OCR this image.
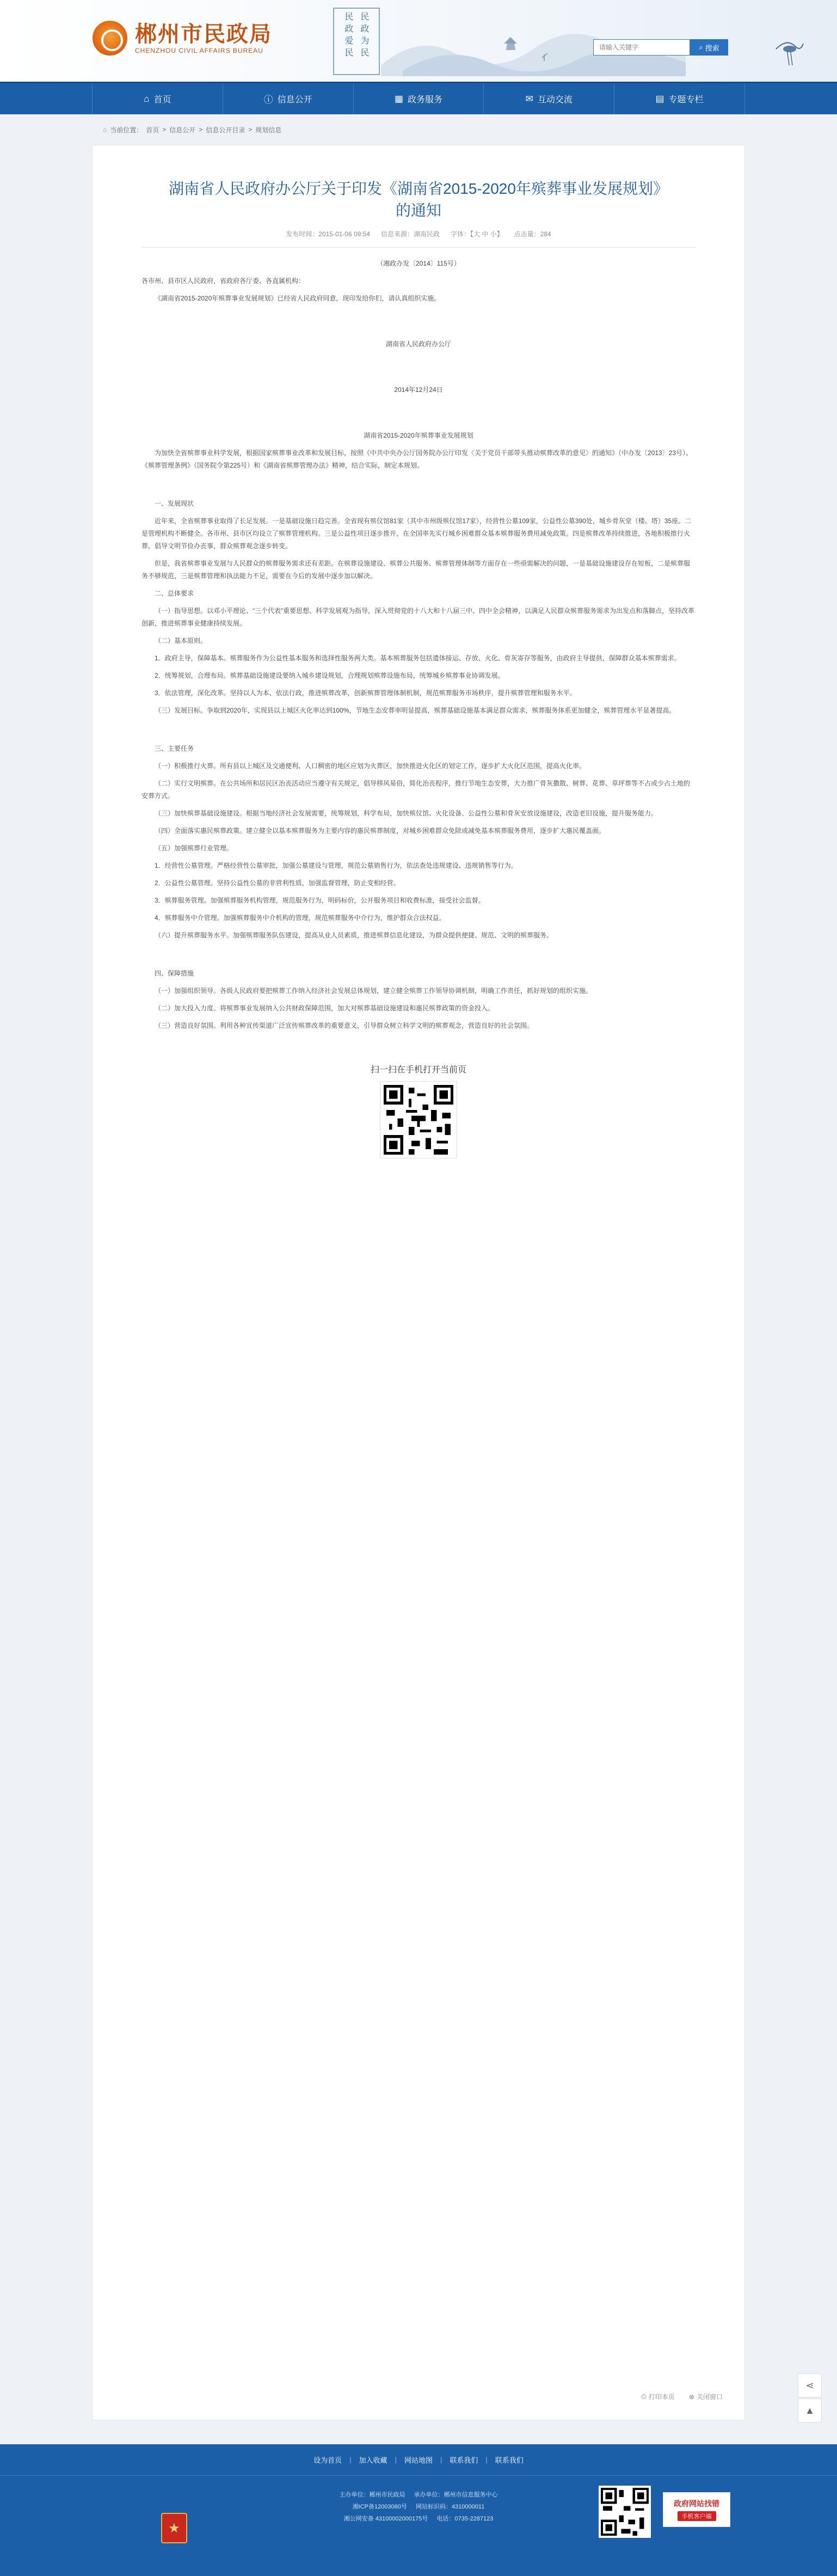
郴州市民政局
CHENZHOU CIVIL AFFAIRS BUREAU	民政为民
民政爱民
请输入关键字	⌕ 搜索
⌂ 首页	ⓘ 信息公开	▦ 政务服务	✉ 互动交流	▤ 专题专栏
⌂ 当前位置： 首页 > 信息公开 > 信息公开目录 > 规划信息
湖南省人民政府办公厅关于印发《湖南省2015-2020年殡葬事业发展规划》
的通知
发布时间：2015-01-06 09:54 信息来源：湖南民政 字体：【大 中 小】 点击量：284

（湘政办发〔2014〕115号）

各市州、县市区人民政府，省政府各厅委、各直属机构：

《湖南省2015-2020年殡葬事业发展规划》已经省人民政府同意，现印发给你们，请认真组织实施。

湖南省人民政府办公厅

2014年12月24日

湖南省2015-2020年殡葬事业发展规划

为加快全省殡葬事业科学发展，根据国家殡葬事业改革和发展目标，按照《中共中央办公厅国务院办公厅印发〈关于党员干部带头推动殡葬改革的意见〉的通知》（中办发〔2013〕23号）、《殡葬管理条例》（国务院令第225号）和《湖南省殡葬管理办法》精神，结合实际，制定本规划。

一、发展现状

近年来，全省殡葬事业取得了长足发展。一是基础设施日趋完善。全省现有殡仪馆81家（其中市州级殡仪馆17家），经营性公墓109家，公益性公墓390处，城乡骨灰堂（楼、塔）35座。二是管理机构不断健全。各市州、县市区均设立了殡葬管理机构。三是公益性项目逐步推开，在全国率先实行城乡困难群众基本殡葬服务费用减免政策。四是殡葬改革持续推进，各地积极推行火葬，倡导文明节俭办丧事，群众殡葬观念逐步转变。

但是，我省殡葬事业发展与人民群众的殡葬服务需求还有差距。在殡葬设施建设、殡葬公共服务、殡葬管理体制等方面存在一些亟需解决的问题，一是基础设施建设存在短板，二是殡葬服务不够规范，三是殡葬管理和执法能力不足，需要在今后的发展中逐步加以解决。

二、总体要求

（一）指导思想。以邓小平理论、“三个代表”重要思想、科学发展观为指导，深入贯彻党的十八大和十八届三中、四中全会精神，以满足人民群众殡葬服务需求为出发点和落脚点，坚持改革创新，推进殡葬事业健康持续发展。

（二）基本原则。

1．政府主导，保障基本。殡葬服务作为公益性基本服务和选择性服务两大类。基本殡葬服务包括遗体接运、存放、火化、骨灰寄存等服务，由政府主导提供，保障群众基本殡葬需求。

2．统筹规划，合理布局。殡葬基础设施建设要纳入城乡建设规划，合理规划殡葬设施布局，统筹城乡殡葬事业协调发展。

3．依法管理，深化改革。坚持以人为本、依法行政，推进殡葬改革，创新殡葬管理体制机制，规范殡葬服务市场秩序，提升殡葬管理和服务水平。

（三）发展目标。争取到2020年，实现县以上城区火化率达到100%，节地生态安葬率明显提高，殡葬基础设施基本满足群众需求，殡葬服务体系更加健全，殡葬管理水平显著提高。

三、主要任务

（一）积极推行火葬。所有县以上城区及交通便利、人口稠密的地区应划为火葬区，加快推进火化区的划定工作，逐步扩大火化区范围，提高火化率。

（二）实行文明殡葬。在公共场所和居民区治丧活动应当遵守有关规定，倡导移风易俗，简化治丧程序，推行节地生态安葬，大力推广骨灰撒散、树葬、花葬、草坪葬等不占或少占土地的安葬方式。

（三）加快殡葬基础设施建设。根据当地经济社会发展需要，统筹规划，科学布局，加快殡仪馆、火化设备、公益性公墓和骨灰安放设施建设，改造老旧设施，提升服务能力。

（四）全面落实惠民殡葬政策。建立健全以基本殡葬服务为主要内容的惠民殡葬制度，对城乡困难群众免除或减免基本殡葬服务费用，逐步扩大惠民覆盖面。

（五）加强殡葬行业管理。

1．经营性公墓管理。严格经营性公墓审批，加强公墓建设与管理，规范公墓销售行为，依法查处违规建设、违规销售等行为。

2．公益性公墓管理。坚持公益性公墓的非营利性质，加强监督管理，防止变相经营。

3．殡葬服务管理。加强殡葬服务机构管理，规范服务行为，明码标价，公开服务项目和收费标准，接受社会监督。

4．殡葬服务中介管理。加强殡葬服务中介机构的管理，规范殡葬服务中介行为，维护群众合法权益。

（六）提升殡葬服务水平。加强殡葬服务队伍建设，提高从业人员素质，推进殡葬信息化建设，为群众提供便捷、规范、文明的殡葬服务。

四、保障措施

（一）加强组织领导。各级人民政府要把殡葬工作纳入经济社会发展总体规划，建立健全殡葬工作领导协调机制，明确工作责任，抓好规划的组织实施。

（二）加大投入力度。将殡葬事业发展纳入公共财政保障范围，加大对殡葬基础设施建设和惠民殡葬政策的资金投入。

（三）营造良好氛围。利用各种宣传渠道广泛宣传殡葬改革的重要意义，引导群众树立科学文明的殡葬观念，营造良好的社会氛围。

扫一扫在手机打开当前页
⎙ 打印本页 ⊗ 关闭窗口
⋖
▲
设为首页 | 加入收藏 | 网站地图 | 联系我们 | 联系我们
★
主办单位：郴州市民政局 承办单位：郴州市信息服务中心
湘ICP备12003060号 网站标识码：4310000011
湘公网安备 43100002000175号 电话：0735-2287123
政府网站找错
手机客户端
